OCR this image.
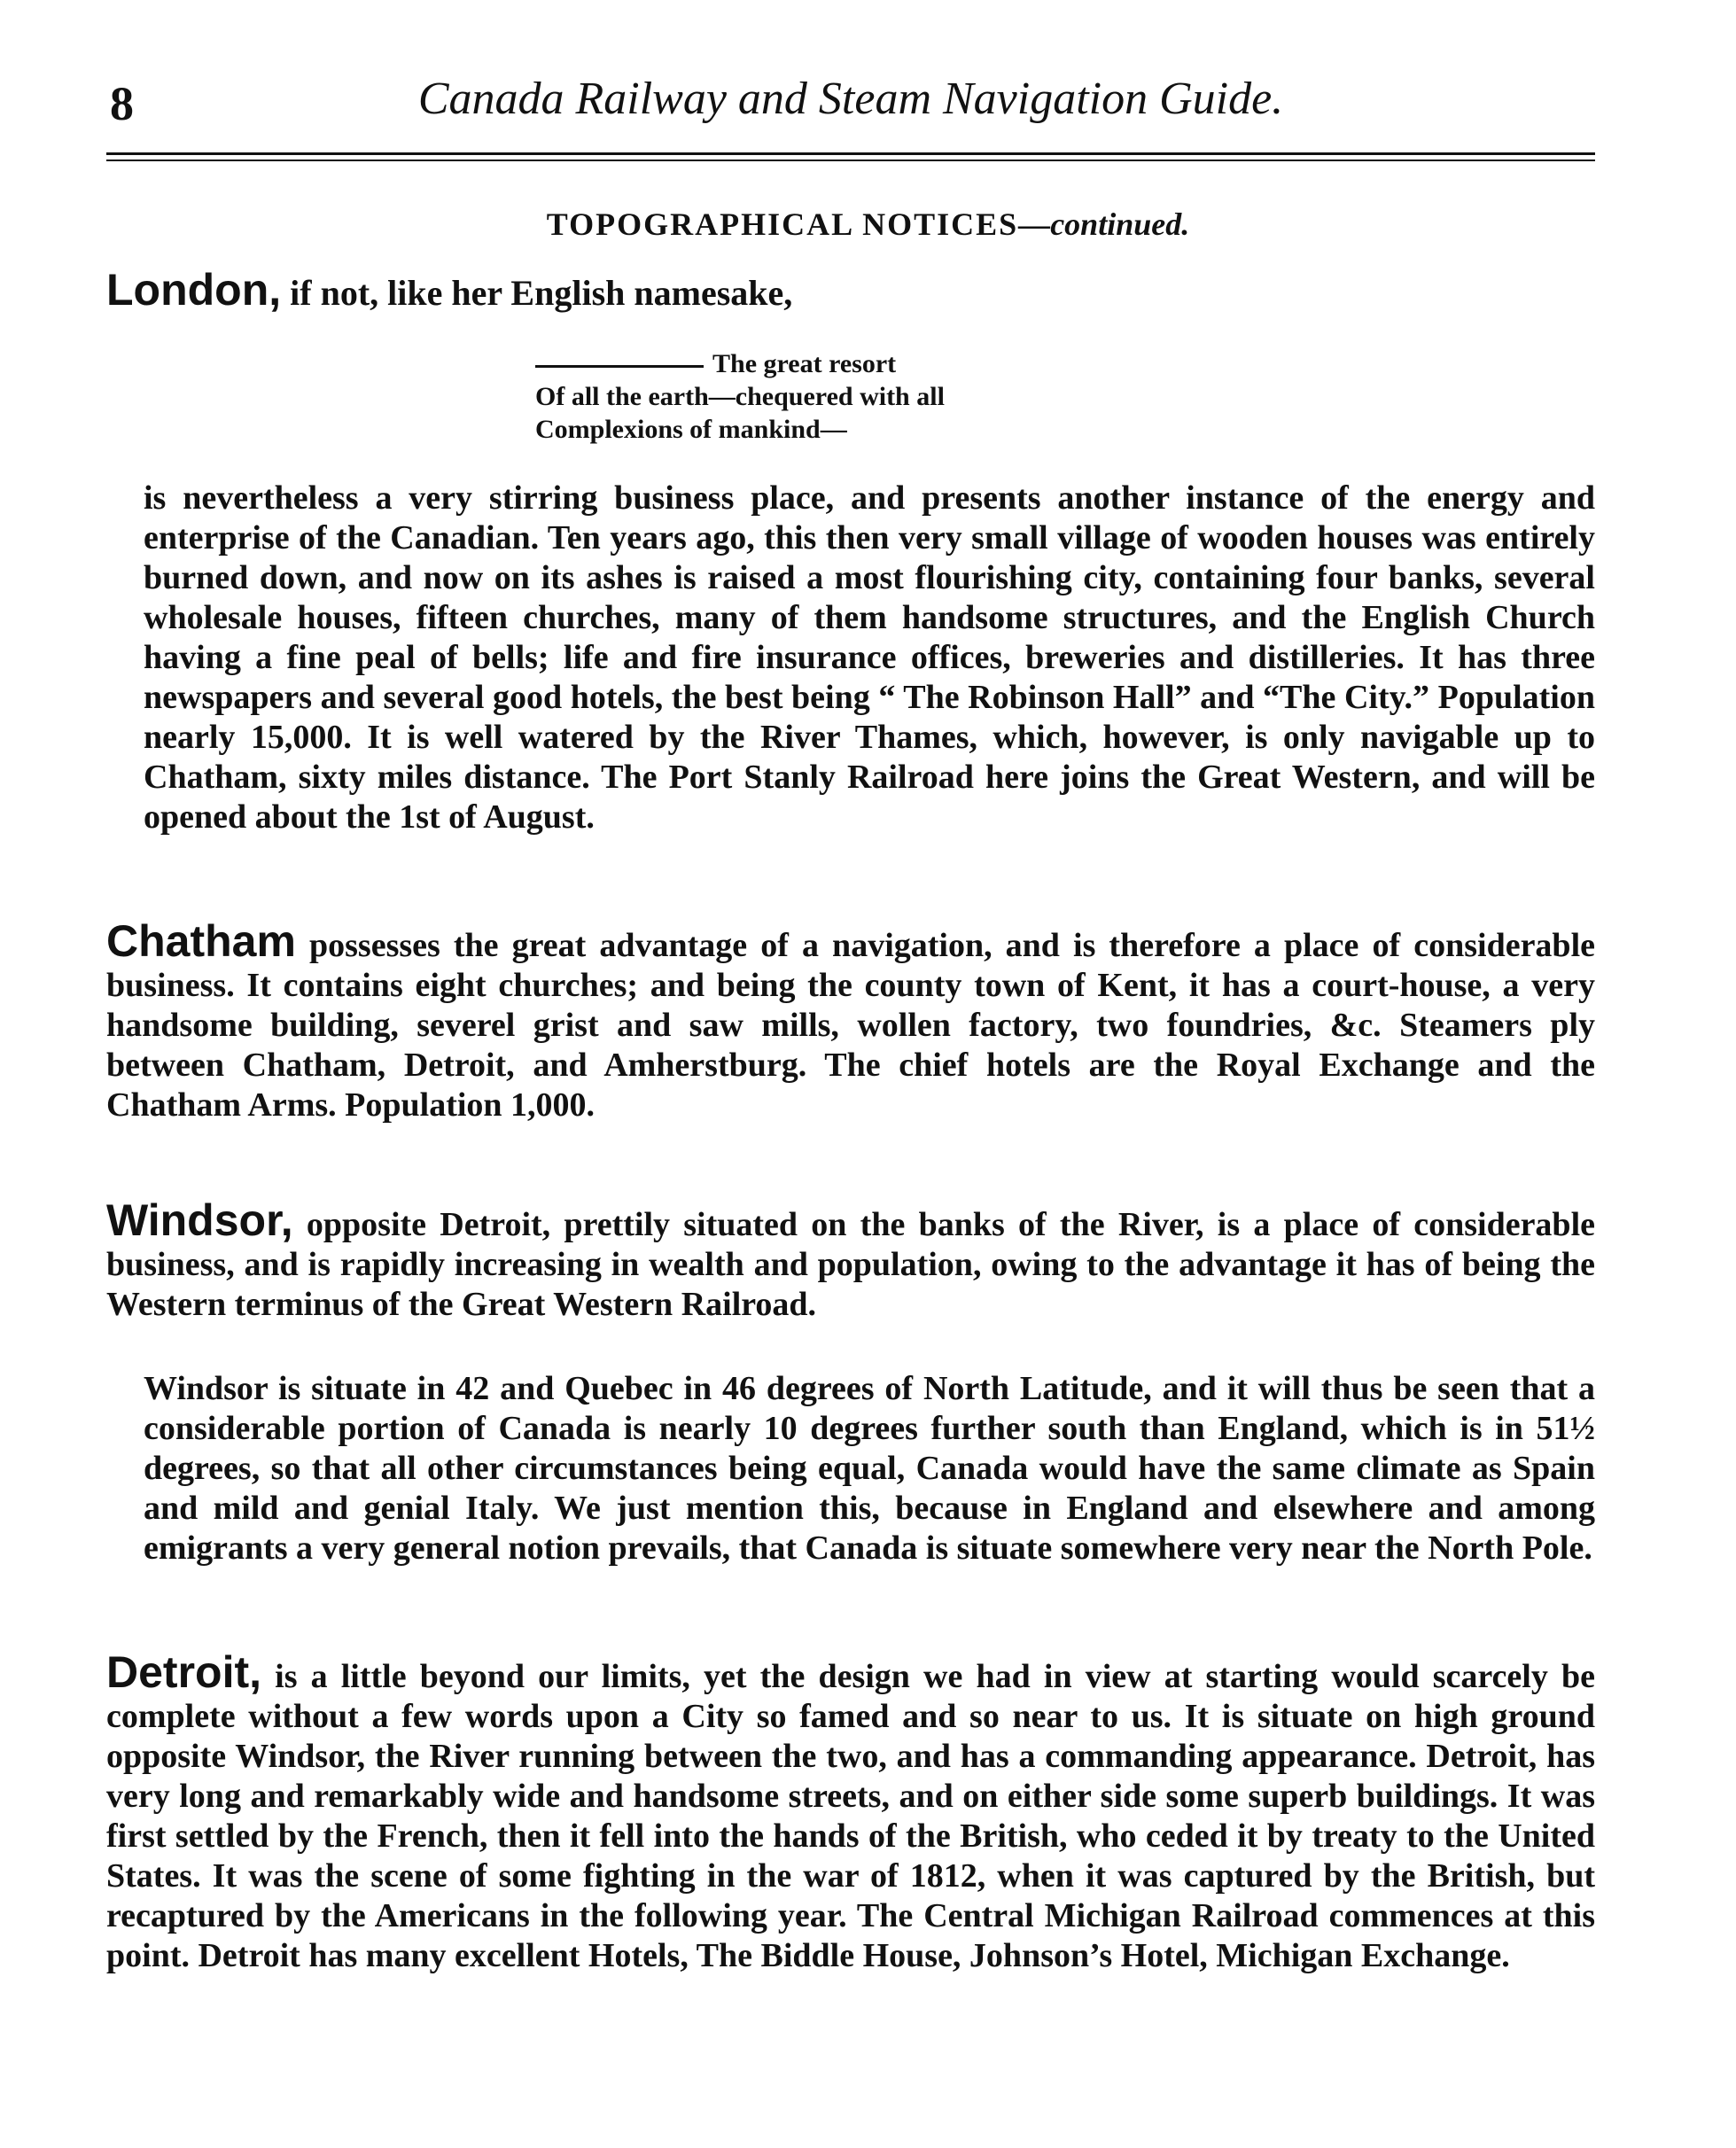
8	Canada Railway and Steam Navigation Guide.
TOPOGRAPHICAL NOTICES—continued.
London, if not, like her English namesake,
The great resort
Of all the earth—chequered with all
Complexions of mankind—

is nevertheless a very stirring business place, and presents another instance of the energy and enterprise of the Canadian. Ten years ago, this then very small village of wooden houses was entirely burned down, and now on its ashes is raised a most flourishing city, containing four banks, several wholesale houses, fifteen churches, many of them handsome structures, and the English Church having a fine peal of bells; life and fire insurance offices, breweries and distilleries. It has three newspapers and several good hotels, the best being “ The Robinson Hall” and “The City.” Population nearly 15,000. It is well watered by the River Thames, which, however, is only navigable up to Chatham, sixty miles distance. The Port Stanly Railroad here joins the Great Western, and will be opened about the 1st of August.

Chatham possesses the great advantage of a navigation, and is therefore a place of considerable business. It contains eight churches; and being the county town of Kent, it has a court-house, a very handsome building, severel grist and saw mills, wollen factory, two foundries, &c. Steamers ply between Chatham, Detroit, and Amherstburg. The chief hotels are the Royal Exchange and the Chatham Arms. Population 1,000.

Windsor, opposite Detroit, prettily situated on the banks of the River, is a place of considerable business, and is rapidly increasing in wealth and population, owing to the advantage it has of being the Western terminus of the Great Western Railroad.

Windsor is situate in 42 and Quebec in 46 degrees of North Latitude, and it will thus be seen that a considerable portion of Canada is nearly 10 degrees further south than England, which is in 51½ degrees, so that all other circumstances being equal, Canada would have the same climate as Spain and mild and genial Italy. We just mention this, because in England and elsewhere and among emigrants a very general notion prevails, that Canada is situate somewhere very near the North Pole.

Detroit, is a little beyond our limits, yet the design we had in view at starting would scarcely be complete without a few words upon a City so famed and so near to us. It is situate on high ground opposite Windsor, the River running between the two, and has a commanding appearance. Detroit, has very long and remarkably wide and handsome streets, and on either side some superb buildings. It was first settled by the French, then it fell into the hands of the British, who ceded it by treaty to the United States. It was the scene of some fighting in the war of 1812, when it was captured by the British, but recaptured by the Americans in the following year. The Central Michigan Railroad commences at this point. Detroit has many excellent Hotels, The Biddle House, Johnson’s Hotel, Michigan Exchange.
